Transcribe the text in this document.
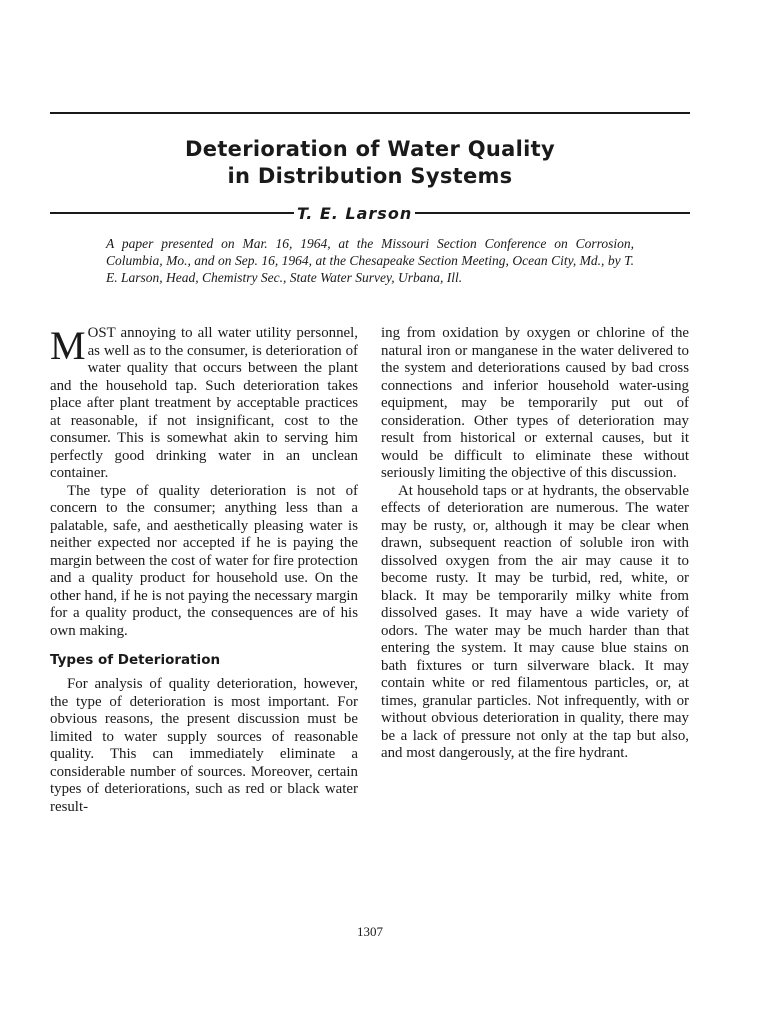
Deterioration of Water Quality
in Distribution Systems
T. E. Larson
A paper presented on Mar. 16, 1964, at the Missouri Section Conference on Corrosion, Columbia, Mo., and on Sep. 16, 1964, at the Chesapeake Section Meeting, Ocean City, Md., by T. E. Larson, Head, Chemistry Sec., State Water Survey, Urbana, Ill.

MOST annoying to all water utility personnel, as well as to the consumer, is deterioration of water quality that occurs between the plant and the household tap. Such deterioration takes place after plant treatment by acceptable practices at reasonable, if not insignificant, cost to the consumer. This is somewhat akin to serving him perfectly good drinking water in an unclean container.

The type of quality deterioration is not of concern to the consumer; anything less than a palatable, safe, and aesthetically pleasing water is neither expected nor accepted if he is paying the margin between the cost of water for fire protection and a quality product for household use. On the other hand, if he is not paying the necessary margin for a quality product, the consequences are of his own making.

Types of Deterioration

For analysis of quality deterioration, however, the type of deterioration is most important. For obvious reasons, the present discussion must be limited to water supply sources of reasonable quality. This can immediately eliminate a considerable number of sources. Moreover, certain types of deteriorations, such as red or black water result-

ing from oxidation by oxygen or chlorine of the natural iron or manganese in the water delivered to the system and deteriorations caused by bad cross connections and inferior household water-using equipment, may be temporarily put out of consideration. Other types of deterioration may result from historical or external causes, but it would be difficult to eliminate these without seriously limiting the objective of this discussion.

At household taps or at hydrants, the observable effects of deterioration are numerous. The water may be rusty, or, although it may be clear when drawn, subsequent reaction of soluble iron with dissolved oxygen from the air may cause it to become rusty. It may be turbid, red, white, or black. It may be temporarily milky white from dissolved gases. It may have a wide variety of odors. The water may be much harder than that entering the system. It may cause blue stains on bath fixtures or turn silverware black. It may contain white or red filamentous particles, or, at times, granular particles. Not infrequently, with or without obvious deterioration in quality, there may be a lack of pressure not only at the tap but also, and most dangerously, at the fire hydrant.

1307
